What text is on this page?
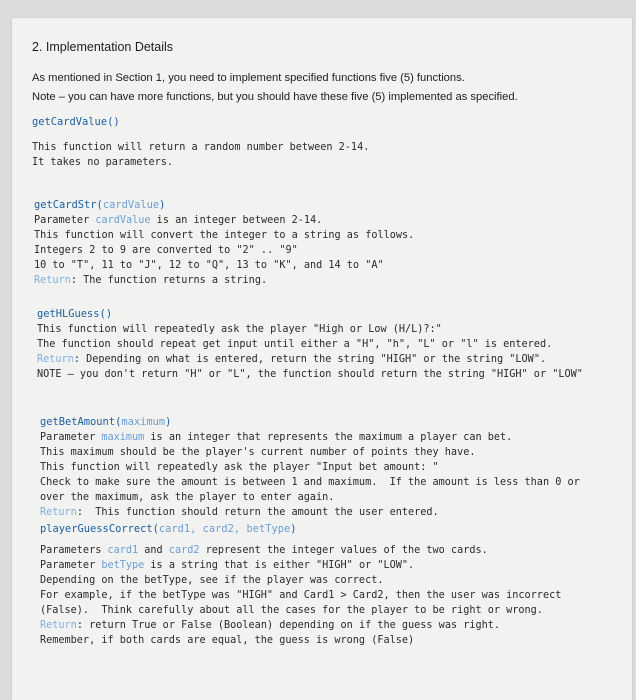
2. Implementation Details
As mentioned in Section 1, you need to implement specified functions five (5) functions.
Note – you can have more functions, but you should have these five (5) implemented as specified.
getCardValue()
This function will return a random number between 2-14.
It takes no parameters.
getCardStr(cardValue)
Parameter cardValue is an integer between 2-14.
This function will convert the integer to a string as follows.
Integers 2 to 9 are converted to "2" .. "9"
10 to "T", 11 to "J", 12 to "Q", 13 to "K", and 14 to "A"
Return: The function returns a string.
getHLGuess()
This function will repeatedly ask the player "High or Low (H/L)?:"
The function should repeat get input until either a "H", "h", "L" or "l" is entered.
Return: Depending on what is entered, return the string "HIGH" or the string "LOW".
NOTE – you don't return "H" or "L", the function should return the string "HIGH" or "LOW"
getBetAmount(maximum)
Parameter maximum is an integer that represents the maximum a player can bet.
This maximum should be the player's current number of points they have.
This function will repeatedly ask the player "Input bet amount: "
Check to make sure the amount is between 1 and maximum.  If the amount is less than 0 or
over the maximum, ask the player to enter again.
Return:  This function should return the amount the user entered.
playerGuessCorrect(card1, card2, betType)
Parameters card1 and card2 represent the integer values of the two cards.
Parameter betType is a string that is either "HIGH" or "LOW".
Depending on the betType, see if the player was correct.
For example, if the betType was "HIGH" and Card1 > Card2, then the user was incorrect
(False).  Think carefully about all the cases for the player to be right or wrong.
Return: return True or False (Boolean) depending on if the guess was right.
Remember, if both cards are equal, the guess is wrong (False)
